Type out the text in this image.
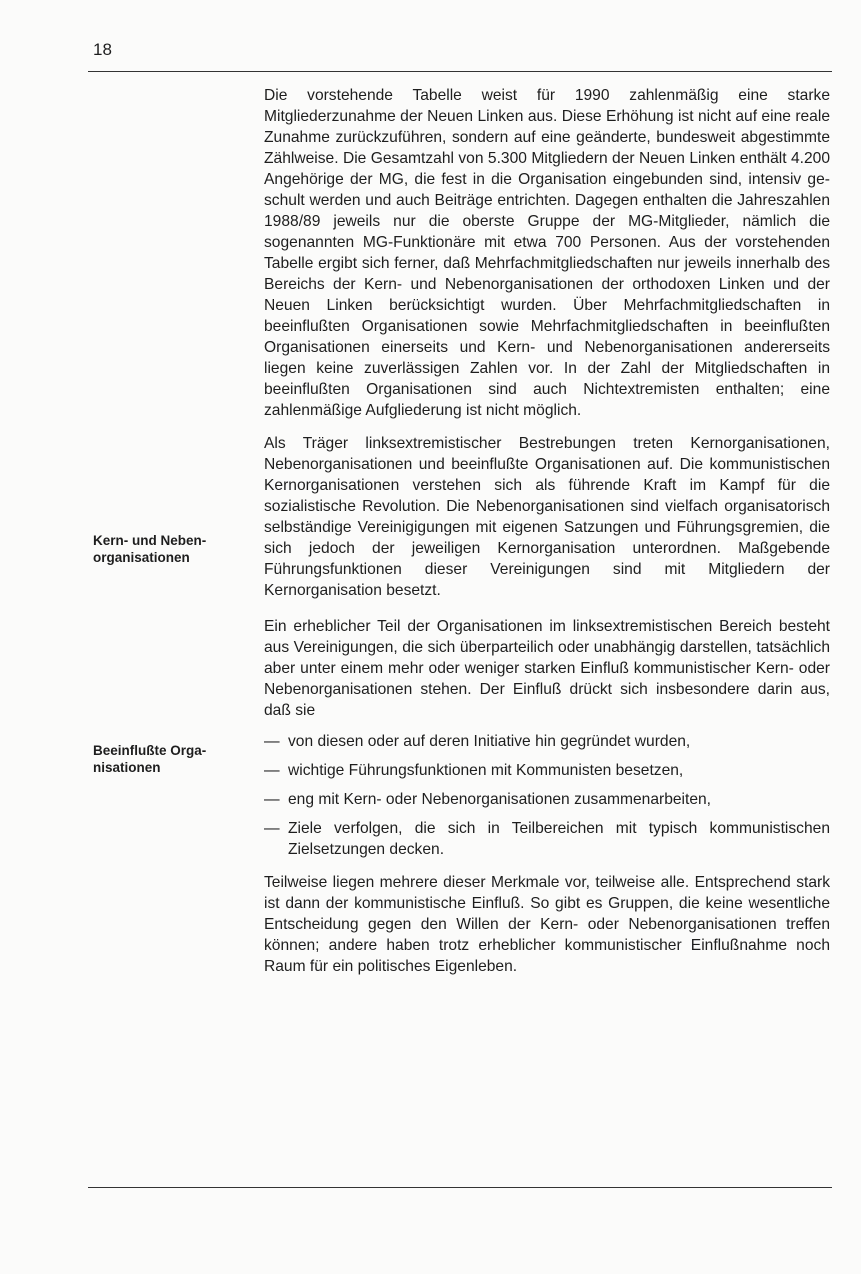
18
Kern- und Neben-
organisationen
Beeinflußte Orga-
nisationen

Die vorstehende Tabelle weist für 1990 zahlenmäßig eine starke Mitgliederzunahme der Neuen Linken aus. Diese Erhöhung ist nicht auf eine reale Zunahme zurückzuführen, sondern auf eine geänderte, bundesweit abgestimmte Zählweise. Die Gesamtzahl von 5.300 Mitgliedern der Neuen Linken enthält 4.200 Angehörige der MG, die fest in die Organisation eingebunden sind, intensiv geschult werden und auch Beiträge entrichten. Dagegen enthalten die Jahreszahlen 1988/89 jeweils nur die oberste Gruppe der MG-Mitglieder, nämlich die sogenannten MG-Funktionäre mit etwa 700 Personen. Aus der vorstehenden Tabelle ergibt sich ferner, daß Mehrfachmitgliedschaften nur jeweils innerhalb des Bereichs der Kern- und Nebenorganisationen der orthodoxen Linken und der Neuen Linken berücksichtigt wurden. Über Mehrfachmitgliedschaften in beeinflußten Organisationen sowie Mehrfachmitgliedschaften in beeinflußten Organisationen einerseits und Kern- und Nebenorganisationen andererseits liegen keine zuverlässigen Zahlen vor. In der Zahl der Mitgliedschaften in beeinflußten Organisationen sind auch Nichtextremisten enthalten; eine zahlenmäßige Aufgliederung ist nicht möglich.

Als Träger linksextremistischer Bestrebungen treten Kernorganisationen, Nebenorganisationen und beeinflußte Organisationen auf. Die kommunistischen Kernorganisationen verstehen sich als führende Kraft im Kampf für die sozialistische Revolution. Die Nebenorganisationen sind vielfach organisatorisch selbständige Vereinigigungen mit eigenen Satzungen und Führungsgremien, die sich jedoch der jeweiligen Kernorganisation unterordnen. Maßgebende Führungsfunktionen dieser Vereinigungen sind mit Mitgliedern der Kernorganisation besetzt.

Ein erheblicher Teil der Organisationen im linksextremistischen Bereich besteht aus Vereinigungen, die sich überparteilich oder unabhängig darstellen, tatsächlich aber unter einem mehr oder weniger starken Einfluß kommunistischer Kern- oder Nebenorganisationen stehen. Der Einfluß drückt sich insbesondere darin aus, daß sie

— von diesen oder auf deren Initiative hin gegründet wurden,
— wichtige Führungsfunktionen mit Kommunisten besetzen,
— eng mit Kern- oder Nebenorganisationen zusammenarbeiten,
— Ziele verfolgen, die sich in Teilbereichen mit typisch kommunistischen Zielsetzungen decken.

Teilweise liegen mehrere dieser Merkmale vor, teilweise alle. Entsprechend stark ist dann der kommunistische Einfluß. So gibt es Gruppen, die keine wesentliche Entscheidung gegen den Willen der Kern- oder Nebenorganisationen treffen können; andere haben trotz erheblicher kommunistischer Einflußnahme noch Raum für ein politisches Eigenleben.
